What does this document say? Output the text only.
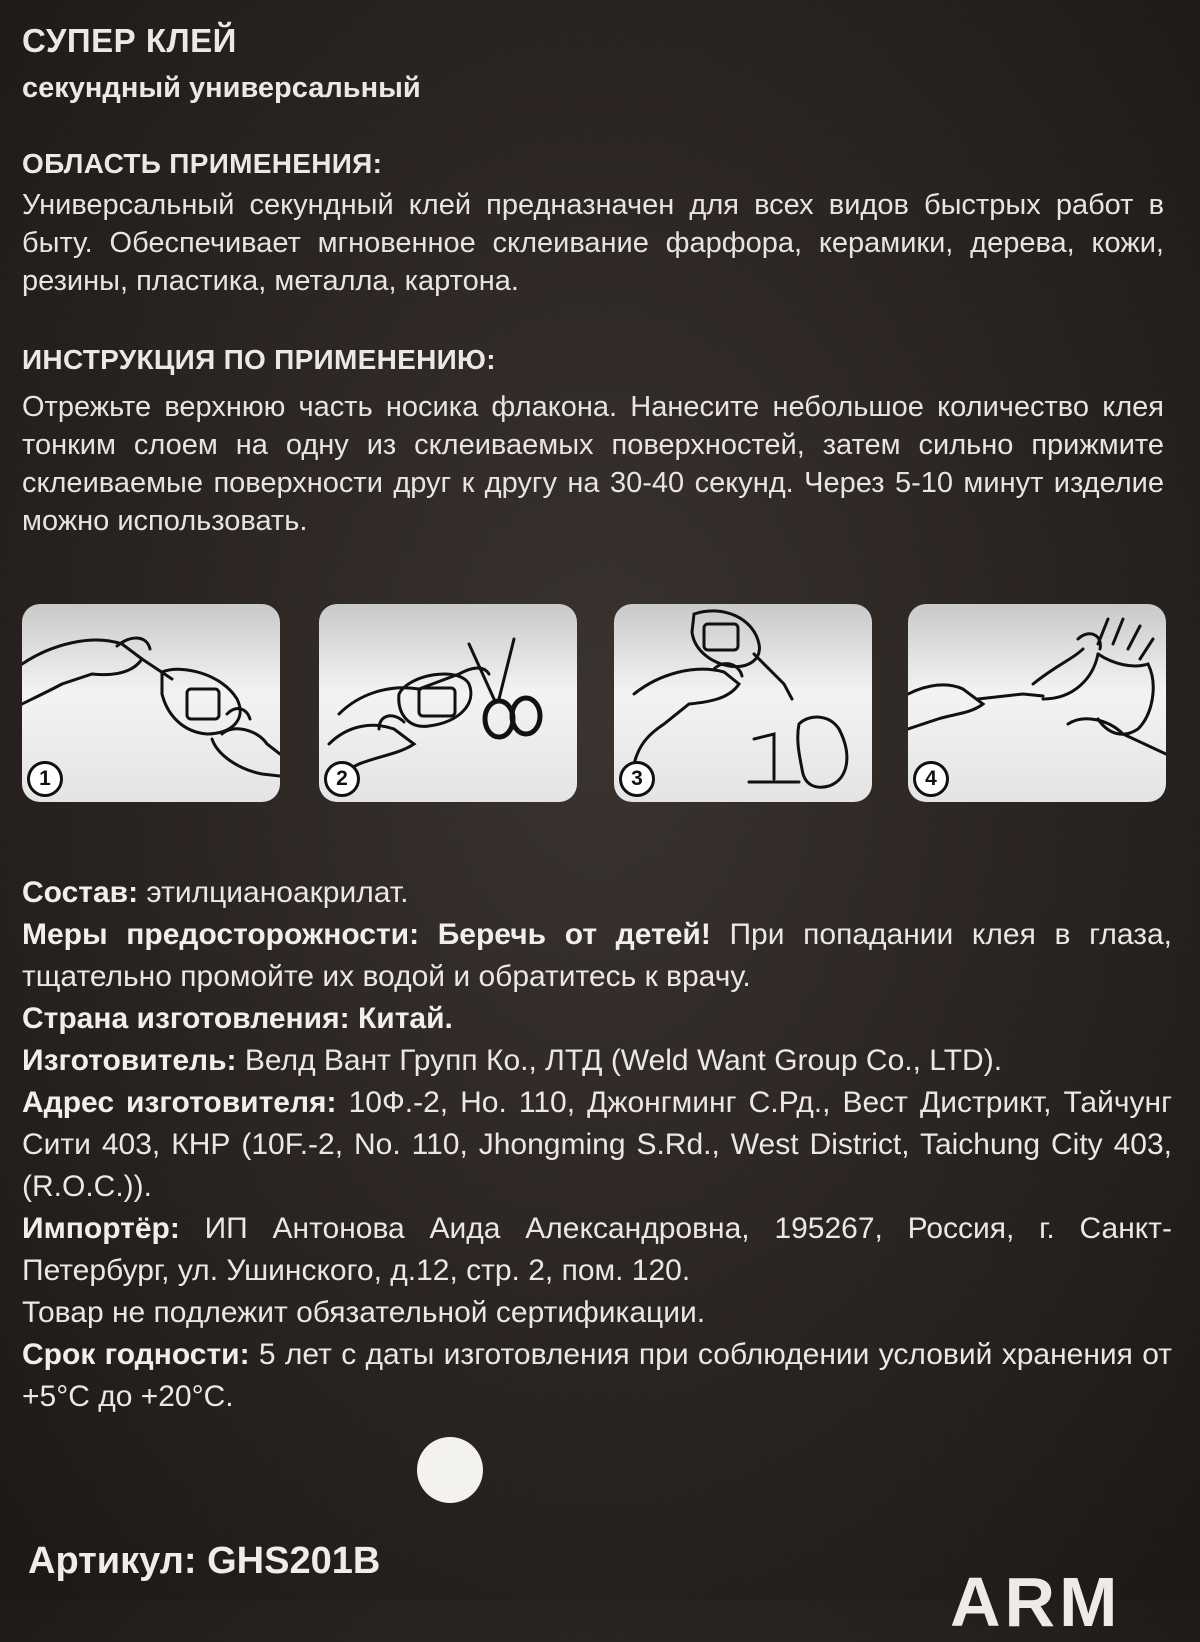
СУПЕР КЛЕЙ
секундный универсальный
ОБЛАСТЬ ПРИМЕНЕНИЯ:
Универсальный секундный клей предназначен для всех видов быстрых работ в быту. Обеспечивает мгновенное склеивание фарфора, керамики, дерева, кожи, резины, пластика, металла, картона.
ИНСТРУКЦИЯ ПО ПРИМЕНЕНИЮ:
Отрежьте верхнюю часть носика флакона. Нанесите небольшое количество клея тонким слоем на одну из склеиваемых поверхностей, затем сильно прижмите склеиваемые поверхности друг к другу на 30-40 секунд. Через 5-10 минут изделие можно использовать.
1	2	3	4

Состав: этилцианоакрилат.

Меры предосторожности: Беречь от детей! При попадании клея в глаза, тщательно промойте их водой и обратитесь к врачу.

Страна изготовления: Китай.

Изготовитель: Велд Вант Групп Ко., ЛТД (Weld Want Group Co., LTD).

Адрес изготовителя: 10Ф.-2, Но. 110, Джонгминг С.Рд., Вест Дистрикт, Тайчунг Сити 403, КНР (10F.-2, No. 110, Jhongming S.Rd., West District, Taichung City 403, (R.O.C.)).

Импортёр: ИП Антонова Аида Александровна, 195267, Россия, г. Санкт-Петербург, ул. Ушинского, д.12, стр. 2, пом. 120.

Товар не подлежит обязательной сертификации.

Срок годности: 5 лет с даты изготовления при соблюдении условий хранения от +5°С до +20°С.

Артикул: GHS201B
ARM
